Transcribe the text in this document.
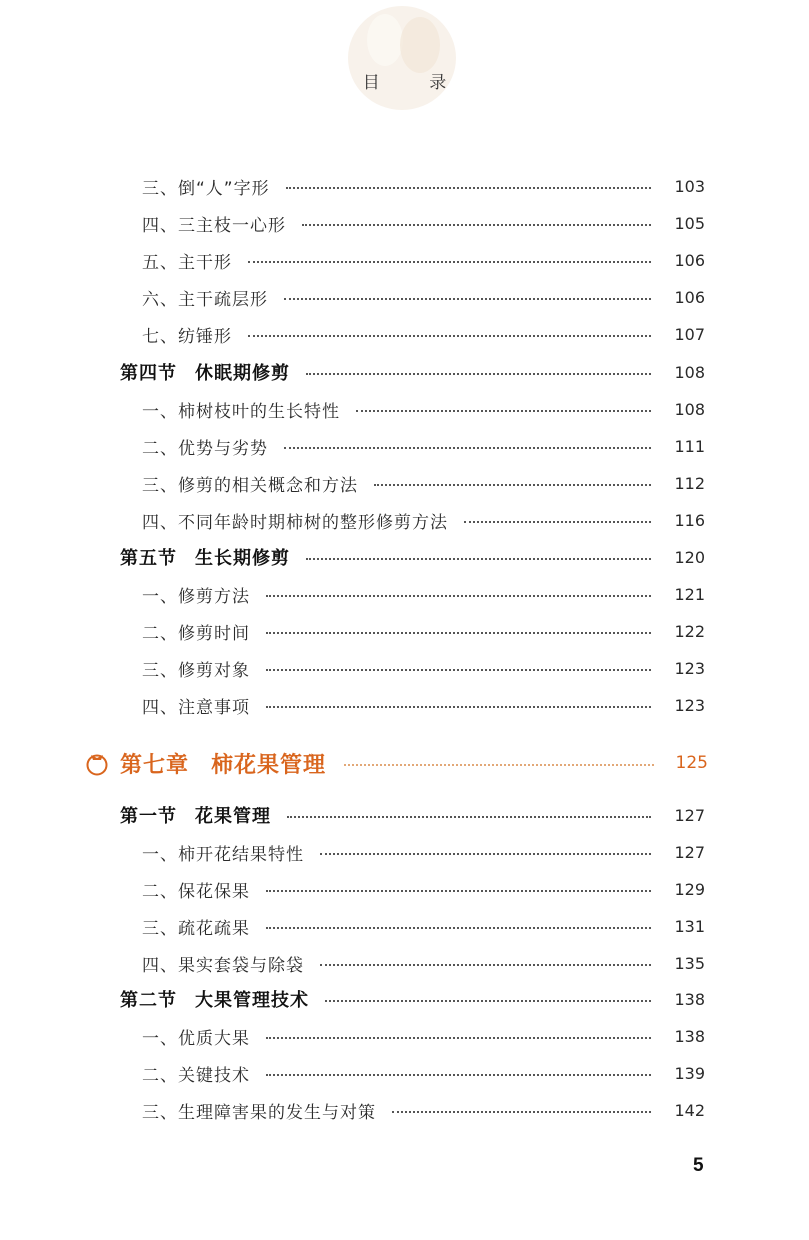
目 录
三、倒“人”字形	103
四、三主枝一心形	105
五、主干形	106
六、主干疏层形	106
七、纺锤形	107
第四节 休眠期修剪	108
一、柿树枝叶的生长特性	108
二、优势与劣势	111
三、修剪的相关概念和方法	112
四、不同年龄时期柿树的整形修剪方法	116
第五节 生长期修剪	120
一、修剪方法	121
二、修剪时间	122
三、修剪对象	123
四、注意事项	123
第七章 柿花果管理	125
第一节 花果管理	127
一、柿开花结果特性	127
二、保花保果	129
三、疏花疏果	131
四、果实套袋与除袋	135
第二节 大果管理技术	138
一、优质大果	138
二、关键技术	139
三、生理障害果的发生与对策	142
5
